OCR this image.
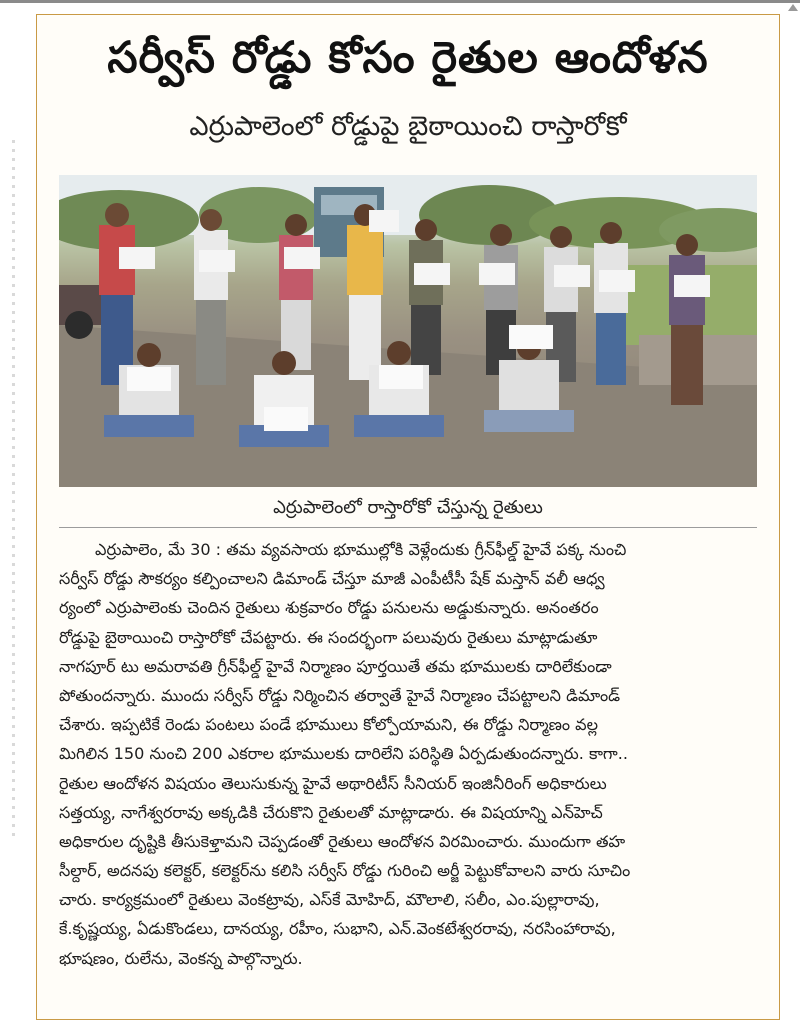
సర్వీస్ రోడ్డు కోసం రైతుల ఆందోళన
ఎర్రుపాలెంలో రోడ్డుపై బైఠాయించి రాస్తారోకో
ఎర్రుపాలెంలో రాస్తారోకో చేస్తున్న రైతులు
ఎర్రుపాలెం, మే 30 : తమ వ్యవసాయ భూముల్లోకి వెళ్లేందుకు గ్రీన్‌ఫీల్డ్ హైవే పక్క నుంచి
సర్వీస్ రోడ్డు సౌకర్యం కల్పించాలని డిమాండ్ చేస్తూ మాజీ ఎంపీటీసీ షేక్ మస్తాన్ వలీ ఆధ్వ
ర్యంలో ఎర్రుపాలెంకు చెందిన రైతులు శుక్రవారం రోడ్డు పనులను అడ్డుకున్నారు. అనంతరం
రోడ్డుపై బైఠాయించి రాస్తారోకో చేపట్టారు. ఈ సందర్భంగా పలువురు రైతులు మాట్లాడుతూ
నాగపూర్ టు అమరావతి గ్రీన్‌ఫీల్డ్ హైవే నిర్మాణం పూర్తయితే తమ భూములకు దారిలేకుండా
పోతుందన్నారు. ముందు సర్వీస్ రోడ్డు నిర్మించిన తర్వాతే హైవే నిర్మాణం చేపట్టాలని డిమాండ్
చేశారు. ఇప్పటికే రెండు పంటలు పండే భూములు కోల్పోయామని, ఈ రోడ్డు నిర్మాణం వల్ల
మిగిలిన 150 నుంచి 200 ఎకరాల భూములకు దారిలేని పరిస్థితి ఏర్పడుతుందన్నారు. కాగా..
రైతుల ఆందోళన విషయం తెలుసుకున్న హైవే అథారిటీస్ సీనియర్ ఇంజినీరింగ్ అధికారులు
సత్తయ్య, నాగేశ్వరరావు అక్కడికి చేరుకొని రైతులతో మాట్లాడారు. ఈ విషయాన్ని ఎన్‌హెచ్
అధికారుల దృష్టికి తీసుకెళ్తామని చెప్పడంతో రైతులు ఆందోళన విరమించారు. ముందుగా తహ
సీల్దార్, అదనపు కలెక్టర్, కలెక్టర్‌ను కలిసి సర్వీస్ రోడ్డు గురించి అర్జీ పెట్టుకోవాలని వారు సూచిం
చారు. కార్యక్రమంలో రైతులు వెంకట్రావు, ఎస్‌కే మోహిద్, మౌలాలి, సలీం, ఎం.పుల్లారావు,
కే.కృష్ణయ్య, ఏడుకొండలు, దానయ్య, రహీం, సుభాని, ఎన్.వెంకటేశ్వరరావు, నరసింహారావు,
భూషణం, రులేను, వెంకన్న పాల్గొన్నారు.
